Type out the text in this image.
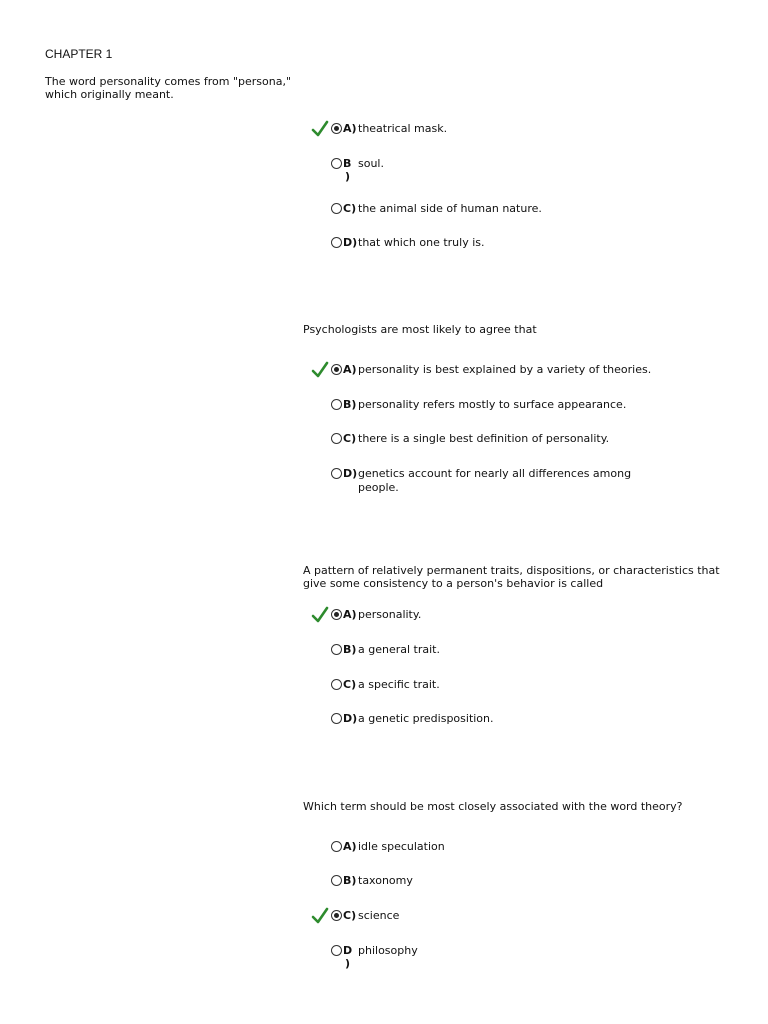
CHAPTER 1
The word personality comes from "persona," which originally meant.
A) theatrical mask.
B
)
soul.
C) the animal side of human nature.
D) that which one truly is.
Psychologists are most likely to agree that
A) personality is best explained by a variety of theories.
B) personality refers mostly to surface appearance.
C) there is a single best definition of personality.
D) genetics account for nearly all differences among people.
A pattern of relatively permanent traits, dispositions, or characteristics that give some consistency to a person's behavior is called
A) personality.
B) a general trait.
C) a specific trait.
D) a genetic predisposition.
Which term should be most closely associated with the word theory?
A) idle speculation
B) taxonomy
C) science
D
)
philosophy
